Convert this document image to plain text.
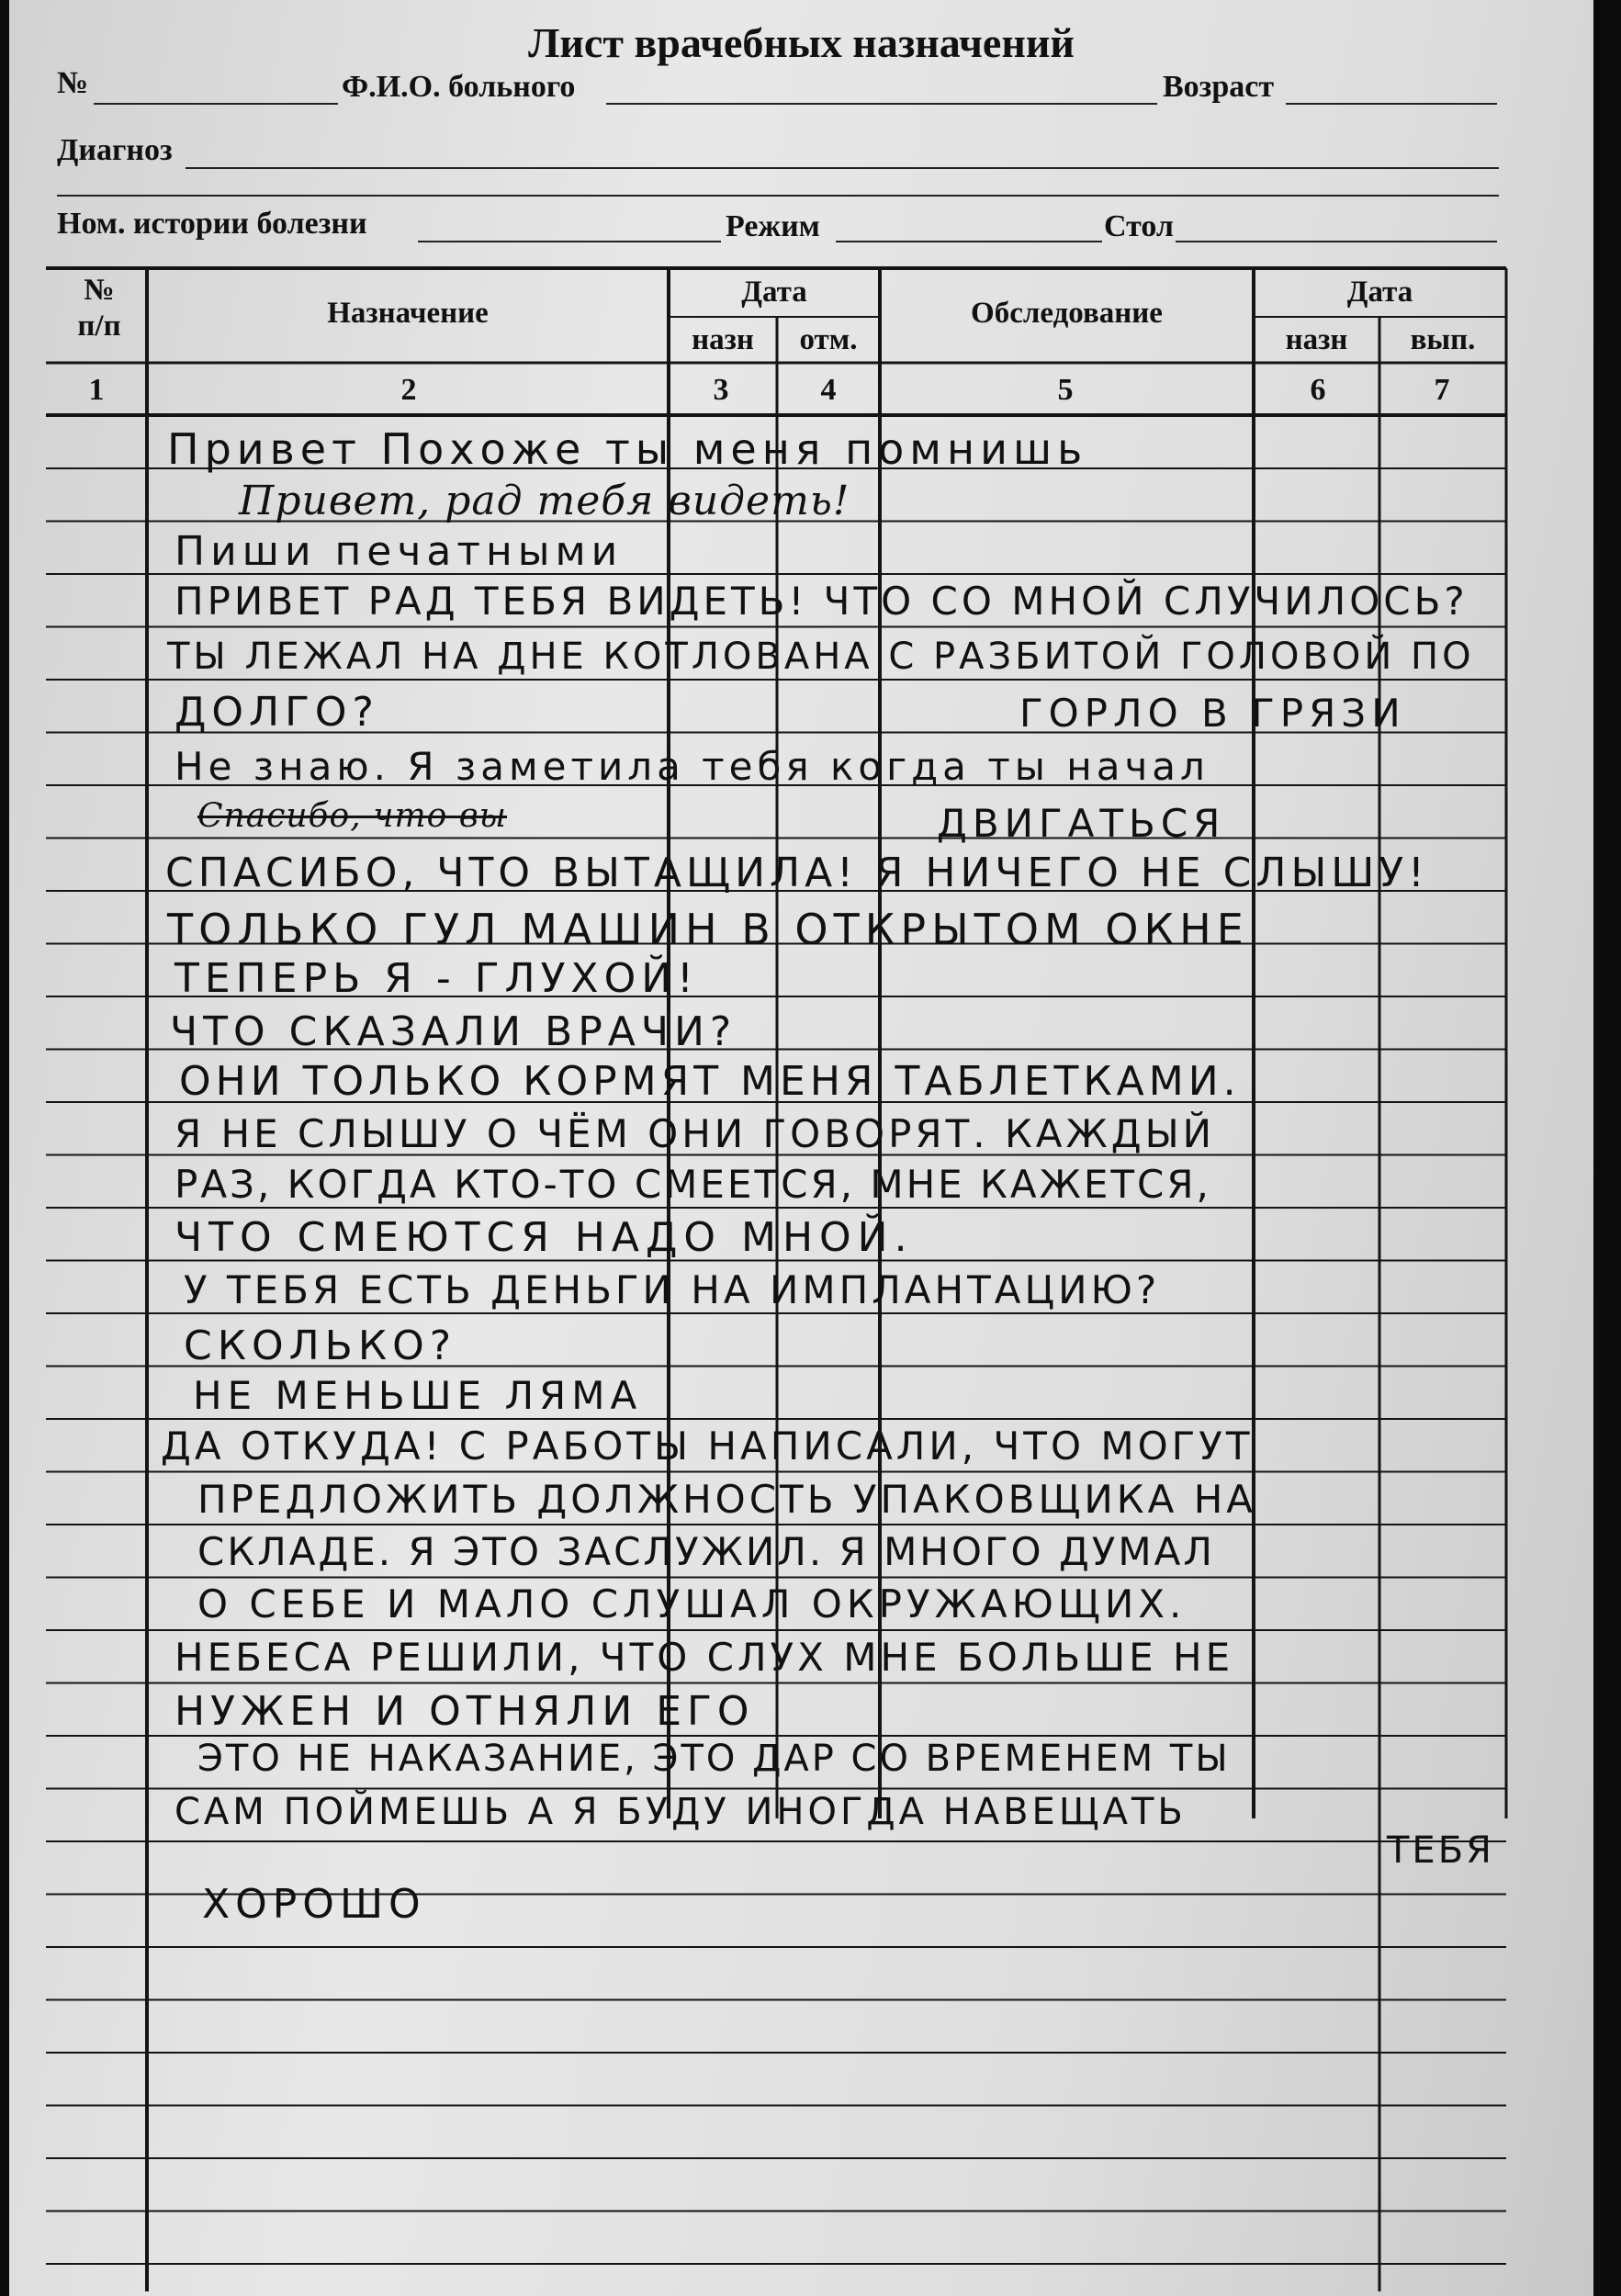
Лист врачебных назначений
№	Ф.И.О. больного	Возраст
Диагноз
Ном. истории болезни	Режим	Стол
№
п/п	Назначение
Дата
назн	отм.
Обследование
Дата
назн	вып.
1	2	3	4	5	6	7
Привет Похоже ты меня помнишь
Привет, рад тебя видеть!
Пиши печатными
ПРИВЕТ РАД ТЕБЯ ВИДЕТЬ! ЧТО СО МНОЙ СЛУЧИЛОСЬ?
ТЫ ЛЕЖАЛ НА ДНЕ КОТЛОВАНА С РАЗБИТОЙ ГОЛОВОЙ ПО
ДОЛГО?	ГОРЛО В ГРЯЗИ
Не знаю. Я заметила тебя когда ты начал
Спасибо, что вы	ДВИГАТЬСЯ
СПАСИБО, ЧТО ВЫТАЩИЛА! Я НИЧЕГО НЕ СЛЫШУ!
ТОЛЬКО ГУЛ МАШИН В ОТКРЫТОМ ОКНЕ
ТЕПЕРЬ Я - ГЛУХОЙ!
ЧТО СКАЗАЛИ ВРАЧИ?
ОНИ ТОЛЬКО КОРМЯТ МЕНЯ ТАБЛЕТКАМИ.
Я НЕ СЛЫШУ О ЧЁМ ОНИ ГОВОРЯТ. КАЖДЫЙ
РАЗ, КОГДА КТО-ТО СМЕЕТСЯ, МНЕ КАЖЕТСЯ,
ЧТО СМЕЮТСЯ НАДО МНОЙ.
У ТЕБЯ ЕСТЬ ДЕНЬГИ НА ИМПЛАНТАЦИЮ?
СКОЛЬКО?
НЕ МЕНЬШЕ ЛЯМА
ДА ОТКУДА! С РАБОТЫ НАПИСАЛИ, ЧТО МОГУТ
ПРЕДЛОЖИТЬ ДОЛЖНОСТЬ УПАКОВЩИКА НА
СКЛАДЕ. Я ЭТО ЗАСЛУЖИЛ. Я МНОГО ДУМАЛ
О СЕБЕ И МАЛО СЛУШАЛ ОКРУЖАЮЩИХ.
НЕБЕСА РЕШИЛИ, ЧТО СЛУХ МНЕ БОЛЬШЕ НЕ
НУЖЕН И ОТНЯЛИ ЕГО
ЭТО НЕ НАКАЗАНИЕ, ЭТО ДАР СО ВРЕМЕНЕМ ТЫ
САМ ПОЙМЕШЬ А Я БУДУ ИНОГДА НАВЕЩАТЬ
ТЕБЯ
ХОРОШО
